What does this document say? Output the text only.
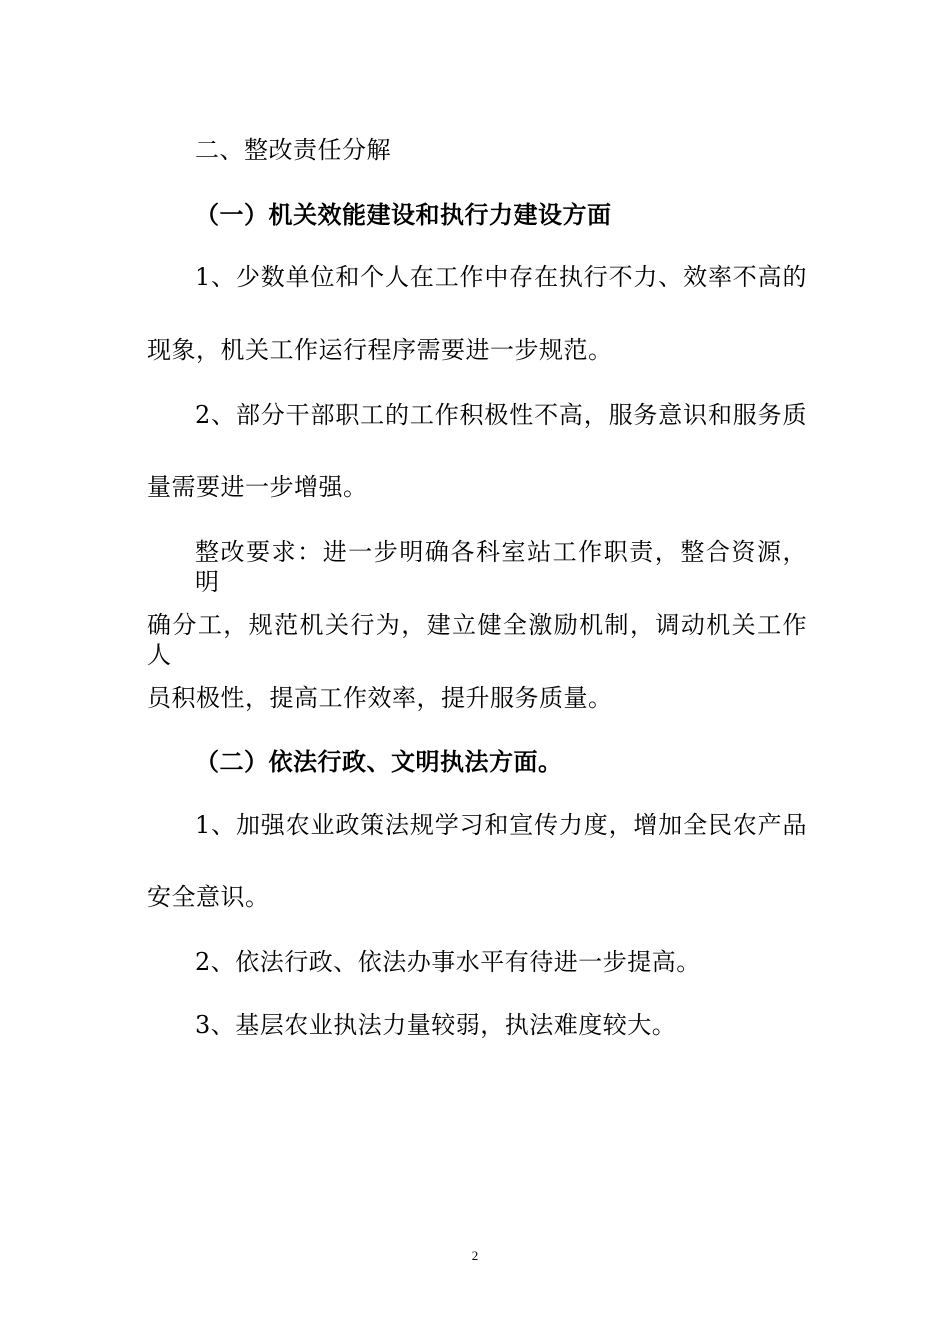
二、整改责任分解
（一）机关效能建设和执行力建设方面
1、少数单位和个人在工作中存在执行不力、效率不高的
现象，机关工作运行程序需要进一步规范。
2、部分干部职工的工作积极性不高，服务意识和服务质
量需要进一步增强。
整改要求：进一步明确各科室站工作职责，整合资源，明
确分工，规范机关行为，建立健全激励机制，调动机关工作人
员积极性，提高工作效率，提升服务质量。
（二）依法行政、文明执法方面。
1、加强农业政策法规学习和宣传力度，增加全民农产品
安全意识。
2、依法行政、依法办事水平有待进一步提高。
3、基层农业执法力量较弱，执法难度较大。
2
